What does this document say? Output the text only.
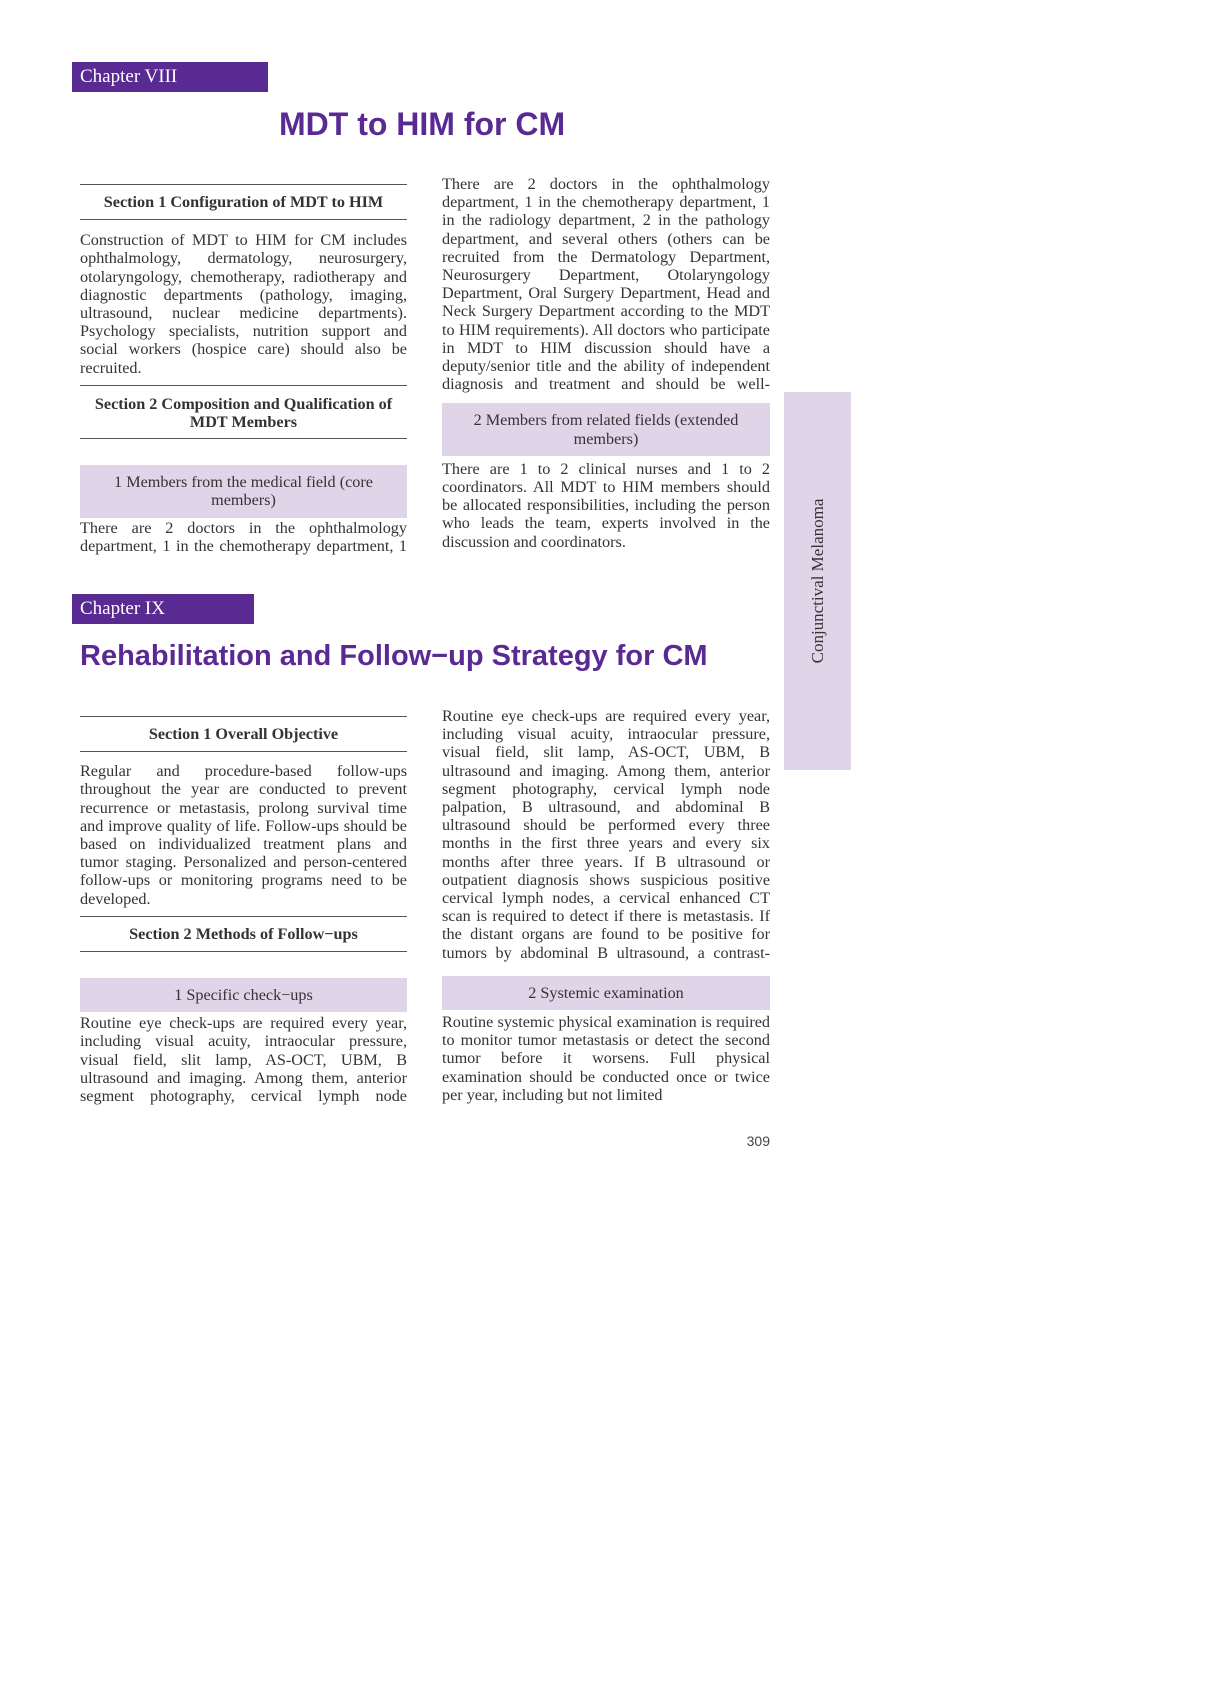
Chapter VIII
MDT to HIM for CM
Section 1 Configuration of MDT to HIM

Construction of MDT to HIM for CM includes ophthalmology, dermatology, neurosurgery, otolaryngology, chemotherapy, radiotherapy and diagnostic departments (pathology, imaging, ultrasound, nuclear medicine departments). Psychology specialists, nutrition support and social workers (hospice care) should also be recruited.

Section 2 Composition and Qualification of MDT Members
1 Members from the medical field (core members)

There are 2 doctors in the ophthalmology department, 1 in the chemotherapy department, 1

There are 2 doctors in the ophthalmology department, 1 in the chemotherapy department, 1 in the radiology department, 2 in the pathology department, and several others (others can be recruited from the Dermatology Department, Neurosurgery Department, Otolaryngology Department, Oral Surgery Department, Head and Neck Surgery Department according to the MDT to HIM requirements). All doctors who participate in MDT to HIM discussion should have a deputy/senior title and the ability of independent diagnosis and treatment and should be well-

2 Members from related fields (extended members)

There are 1 to 2 clinical nurses and 1 to 2 coordinators. All MDT to HIM members should be allocated responsibilities, including the person who leads the team, experts involved in the discussion and coordinators.	Conjunctival Melanoma
Chapter IX
Rehabilitation and Follow−up Strategy for CM
Section 1 Overall Objective

Regular and procedure-based follow-ups throughout the year are conducted to prevent recurrence or metastasis, prolong survival time and improve quality of life. Follow-ups should be based on individualized treatment plans and tumor staging. Personalized and person-centered follow-ups or monitoring programs need to be developed.

Section 2 Methods of Follow−ups
1 Specific check−ups

Routine eye check-ups are required every year, including visual acuity, intraocular pressure, visual field, slit lamp, AS-OCT, UBM, B ultrasound and imaging. Among them, anterior segment photography, cervical lymph node

Routine eye check-ups are required every year, including visual acuity, intraocular pressure, visual field, slit lamp, AS-OCT, UBM, B ultrasound and imaging. Among them, anterior segment photography, cervical lymph node palpation, B ultrasound, and abdominal B ultrasound should be performed every three months in the first three years and every six months after three years. If B ultrasound or outpatient diagnosis shows suspicious positive cervical lymph nodes, a cervical enhanced CT scan is required to detect if there is metastasis. If the distant organs are found to be positive for tumors by abdominal B ultrasound, a contrast-

2 Systemic examination

Routine systemic physical examination is required to monitor tumor metastasis or detect the second tumor before it worsens. Full physical examination should be conducted once or twice per year, including but not limited

309
